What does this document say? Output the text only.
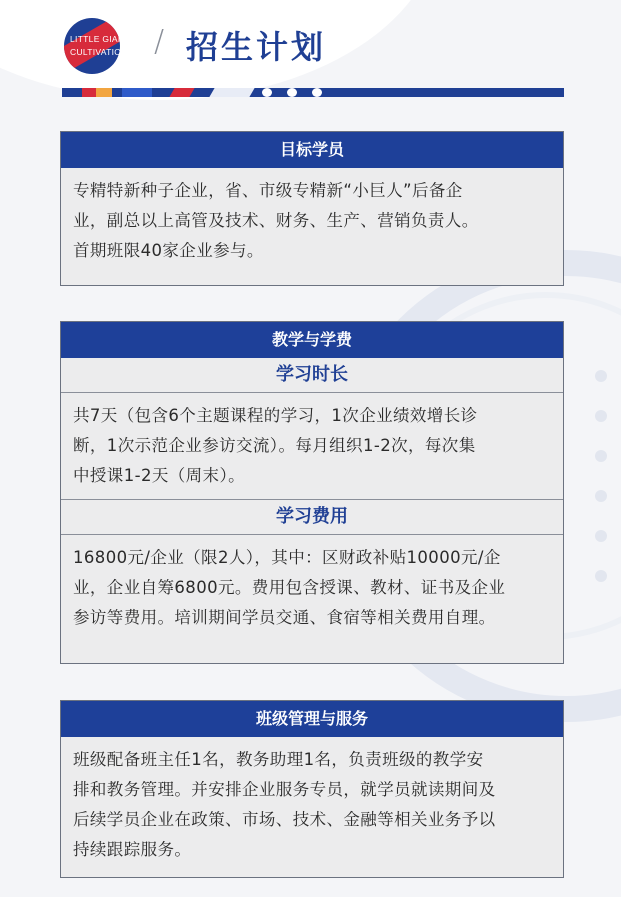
LITTLE GIANT
CULTIVATION / 招生计划
目标学员
专精特新种子企业，省、市级专精新“小巨人”后备企
业，副总以上高管及技术、财务、生产、营销负责人。
首期班限40家企业参与。
教学与学费
学习时长
共7天（包含6个主题课程的学习，1次企业绩效增长诊
断，1次示范企业参访交流）。每月组织1-2次，每次集
中授课1-2天（周末）。
学习费用
16800元/企业（限2人），其中：区财政补贴10000元/企
业，企业自筹6800元。费用包含授课、教材、证书及企业
参访等费用。培训期间学员交通、食宿等相关费用自理。
班级管理与服务
班级配备班主任1名，教务助理1名，负责班级的教学安
排和教务管理。并安排企业服务专员，就学员就读期间及
后续学员企业在政策、市场、技术、金融等相关业务予以
持续跟踪服务。
